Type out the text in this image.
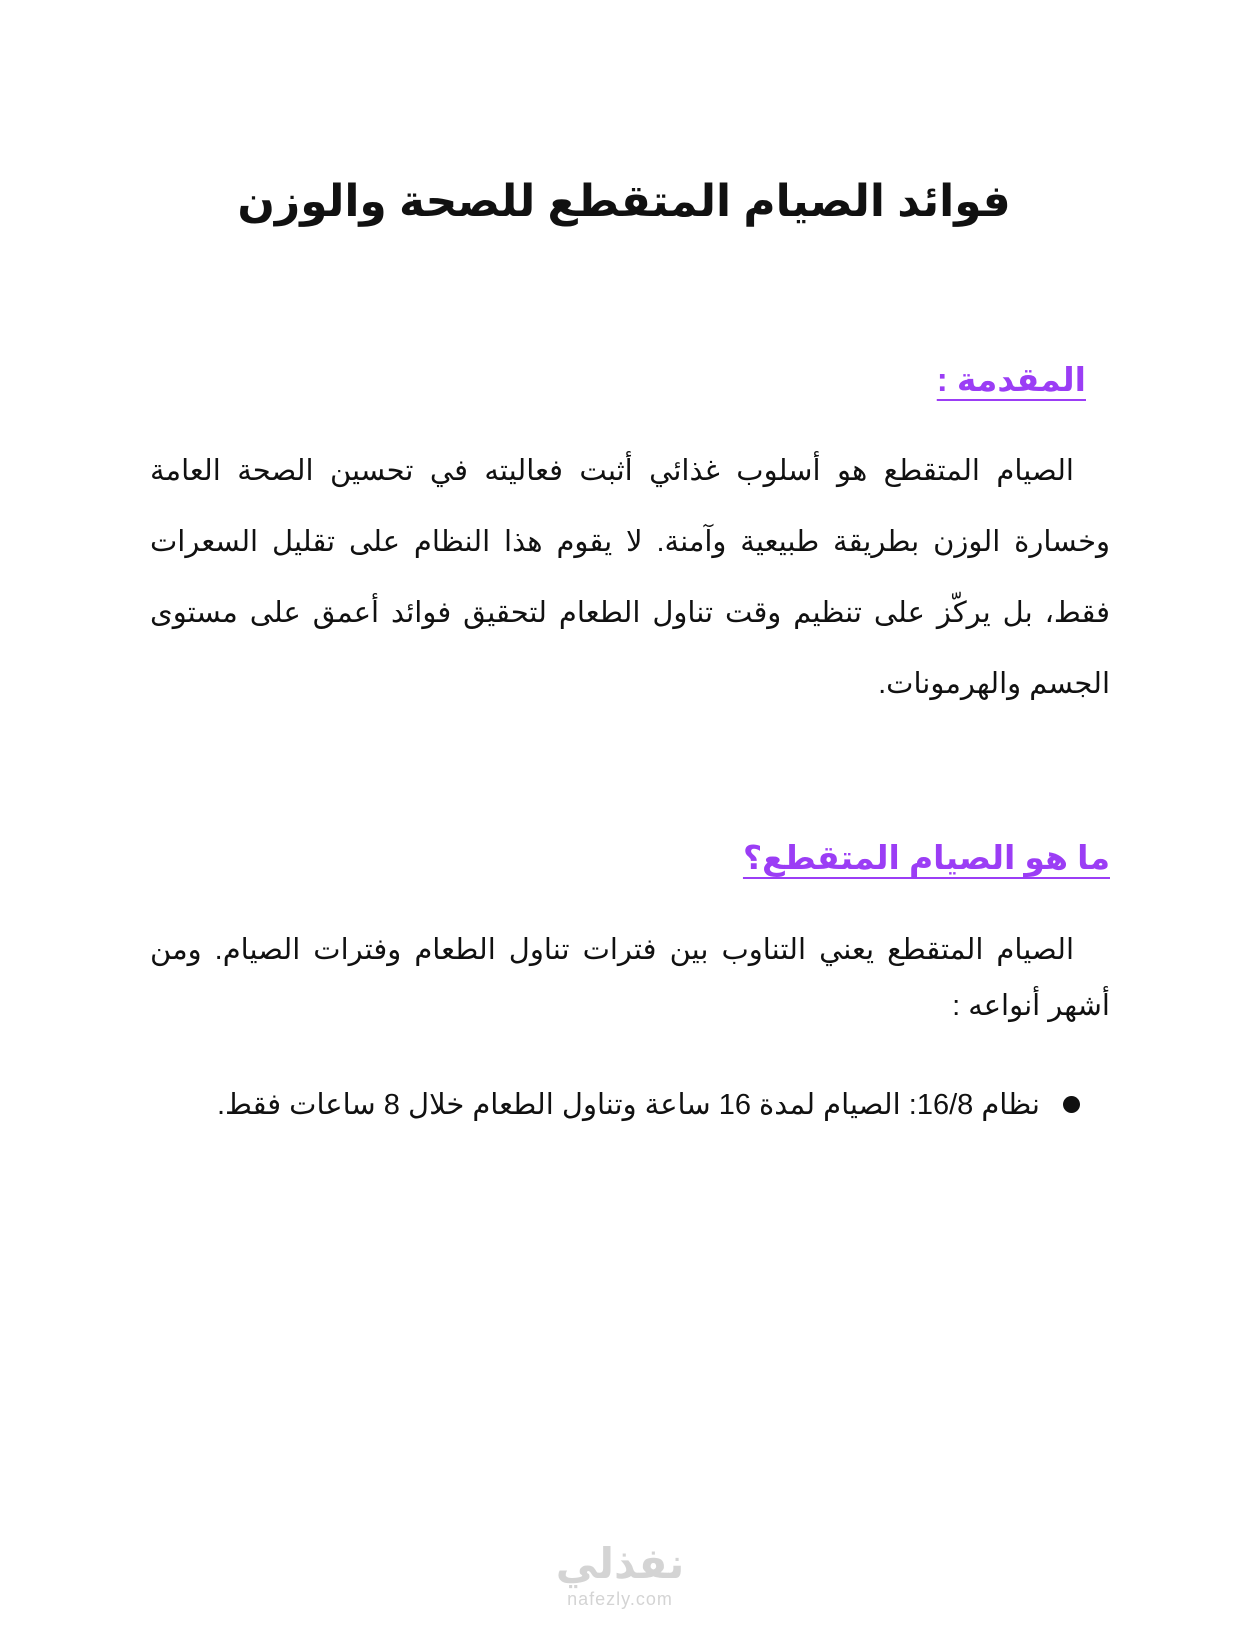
فوائد الصيام المتقطع للصحة والوزن
المقدمة :

الصيام المتقطع هو أسلوب غذائي أثبت فعاليته في تحسين الصحة العامة وخسارة الوزن بطريقة طبيعية وآمنة. لا يقوم هذا النظام على تقليل السعرات فقط، بل يركّز على تنظيم وقت تناول الطعام لتحقيق فوائد أعمق على مستوى الجسم والهرمونات.

ما هو الصيام المتقطع؟

الصيام المتقطع يعني التناوب بين فترات تناول الطعام وفترات الصيام. ومن أشهر أنواعه :

نظام 16/8: الصيام لمدة 16 ساعة وتناول الطعام خلال 8 ساعات فقط.
نفذلي
nafezly.com
